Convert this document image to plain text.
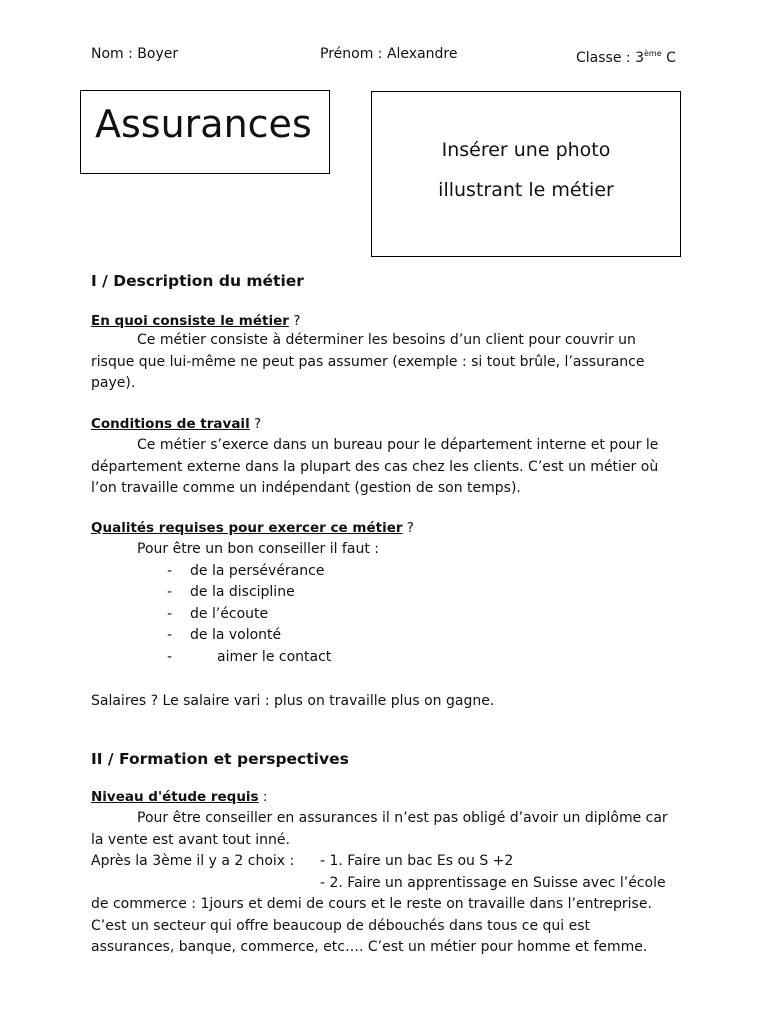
Nom : Boyer	Prénom : Alexandre	Classe : 3ème C
Assurances
Insérer une photo
illustrant le métier
I / Description du métier
En quoi consiste le métier ?
Ce métier consiste à déterminer les besoins d’un client pour couvrir un
risque que lui-même ne peut pas assumer (exemple : si tout brûle, l’assurance
paye).
Conditions de travail ?
Ce métier s’exerce dans un bureau pour le département interne et pour le
département externe dans la plupart des cas chez les clients. C’est un métier où
l’on travaille comme un indépendant (gestion de son temps).
Qualités requises pour exercer ce métier ?
Pour être un bon conseiller il faut :
- de la persévérance
- de la discipline
- de l’écoute
- de la volonté
-	aimer le contact
Salaires ? Le salaire vari : plus on travaille plus on gagne.
II / Formation et perspectives
Niveau d'étude requis :
Pour être conseiller en assurances il n’est pas obligé d’avoir un diplôme car
la vente est avant tout inné.
Après la 3ème il y a 2 choix : - 1. Faire un bac Es ou S +2
- 2. Faire un apprentissage en Suisse avec l’école
de commerce : 1jours et demi de cours et le reste on travaille dans l’entreprise.
C’est un secteur qui offre beaucoup de débouchés dans tous ce qui est
assurances, banque, commerce, etc…. C’est un métier pour homme et femme.
